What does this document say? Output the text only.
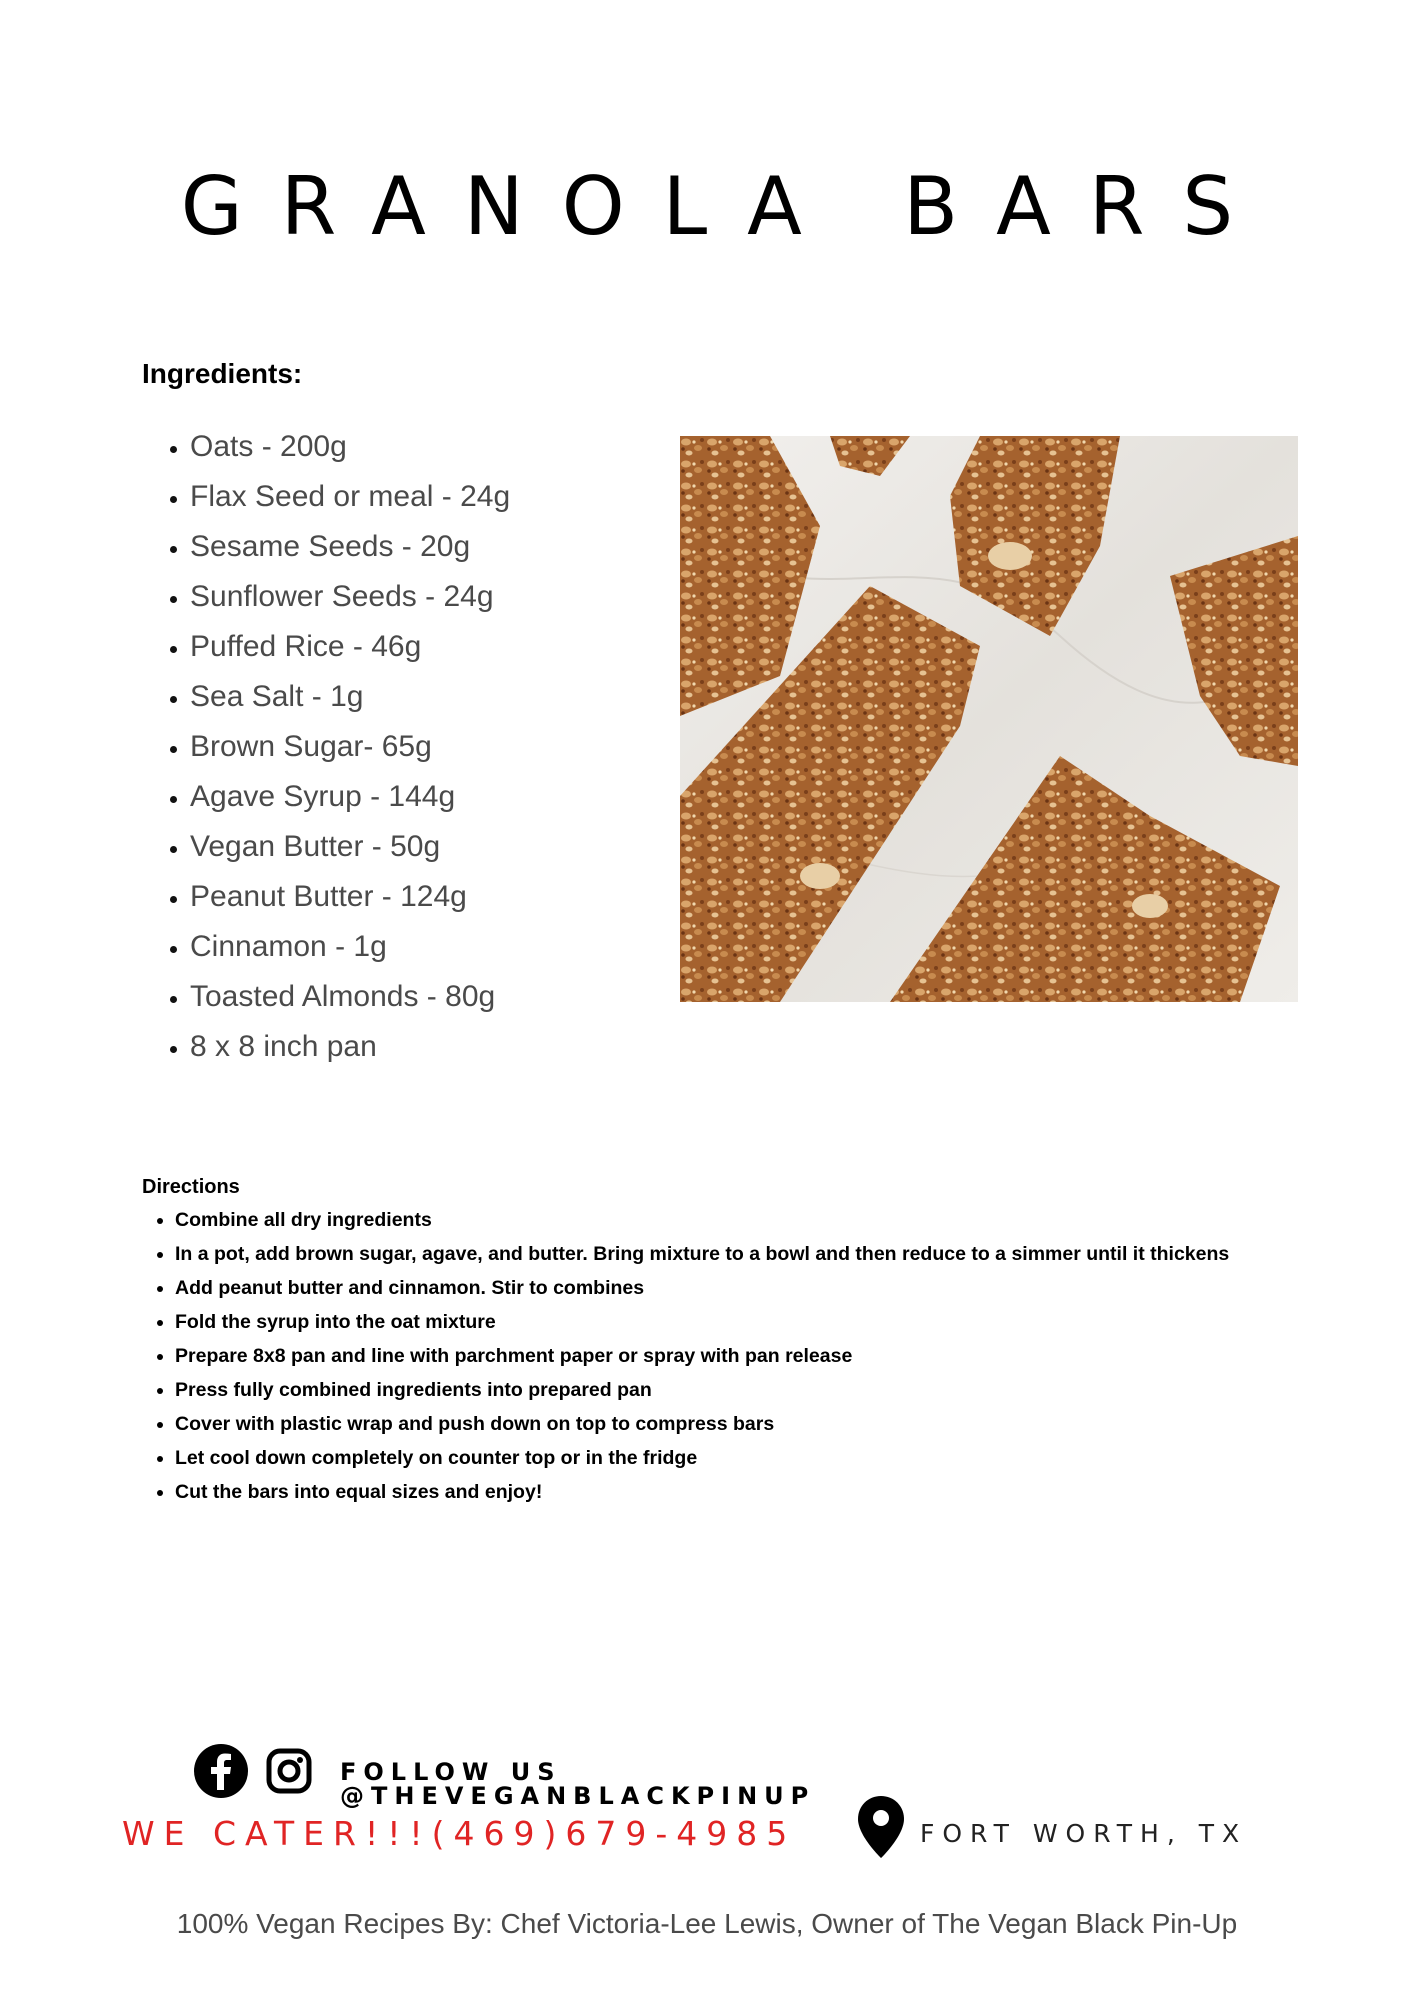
GRANOLA BARS
Ingredients:
• Oats - 200g
• Flax Seed or meal - 24g
• Sesame Seeds - 20g
• Sunflower Seeds - 24g
• Puffed Rice - 46g
• Sea Salt - 1g
• Brown Sugar- 65g
• Agave Syrup - 144g
• Vegan Butter - 50g
• Peanut Butter - 124g
• Cinnamon - 1g
• Toasted Almonds - 80g
• 8 x 8 inch pan
Directions
• Combine all dry ingredients
• In a pot, add brown sugar, agave, and butter. Bring mixture to a bowl and then reduce to a simmer until it thickens
• Add peanut butter and cinnamon. Stir to combines
• Fold the syrup into the oat mixture
• Prepare 8x8 pan and line with parchment paper or spray with pan release
• Press fully combined ingredients into prepared pan
• Cover with plastic wrap and push down on top to compress bars
• Let cool down completely on counter top or in the fridge
• Cut the bars into equal sizes and enjoy!
FOLLOW US
@THEVEGANBLACKPINUP
WE CATER!!!(469)679-4985	FORT WORTH, TX
100% Vegan Recipes By: Chef Victoria-Lee Lewis, Owner of The Vegan Black Pin-Up
